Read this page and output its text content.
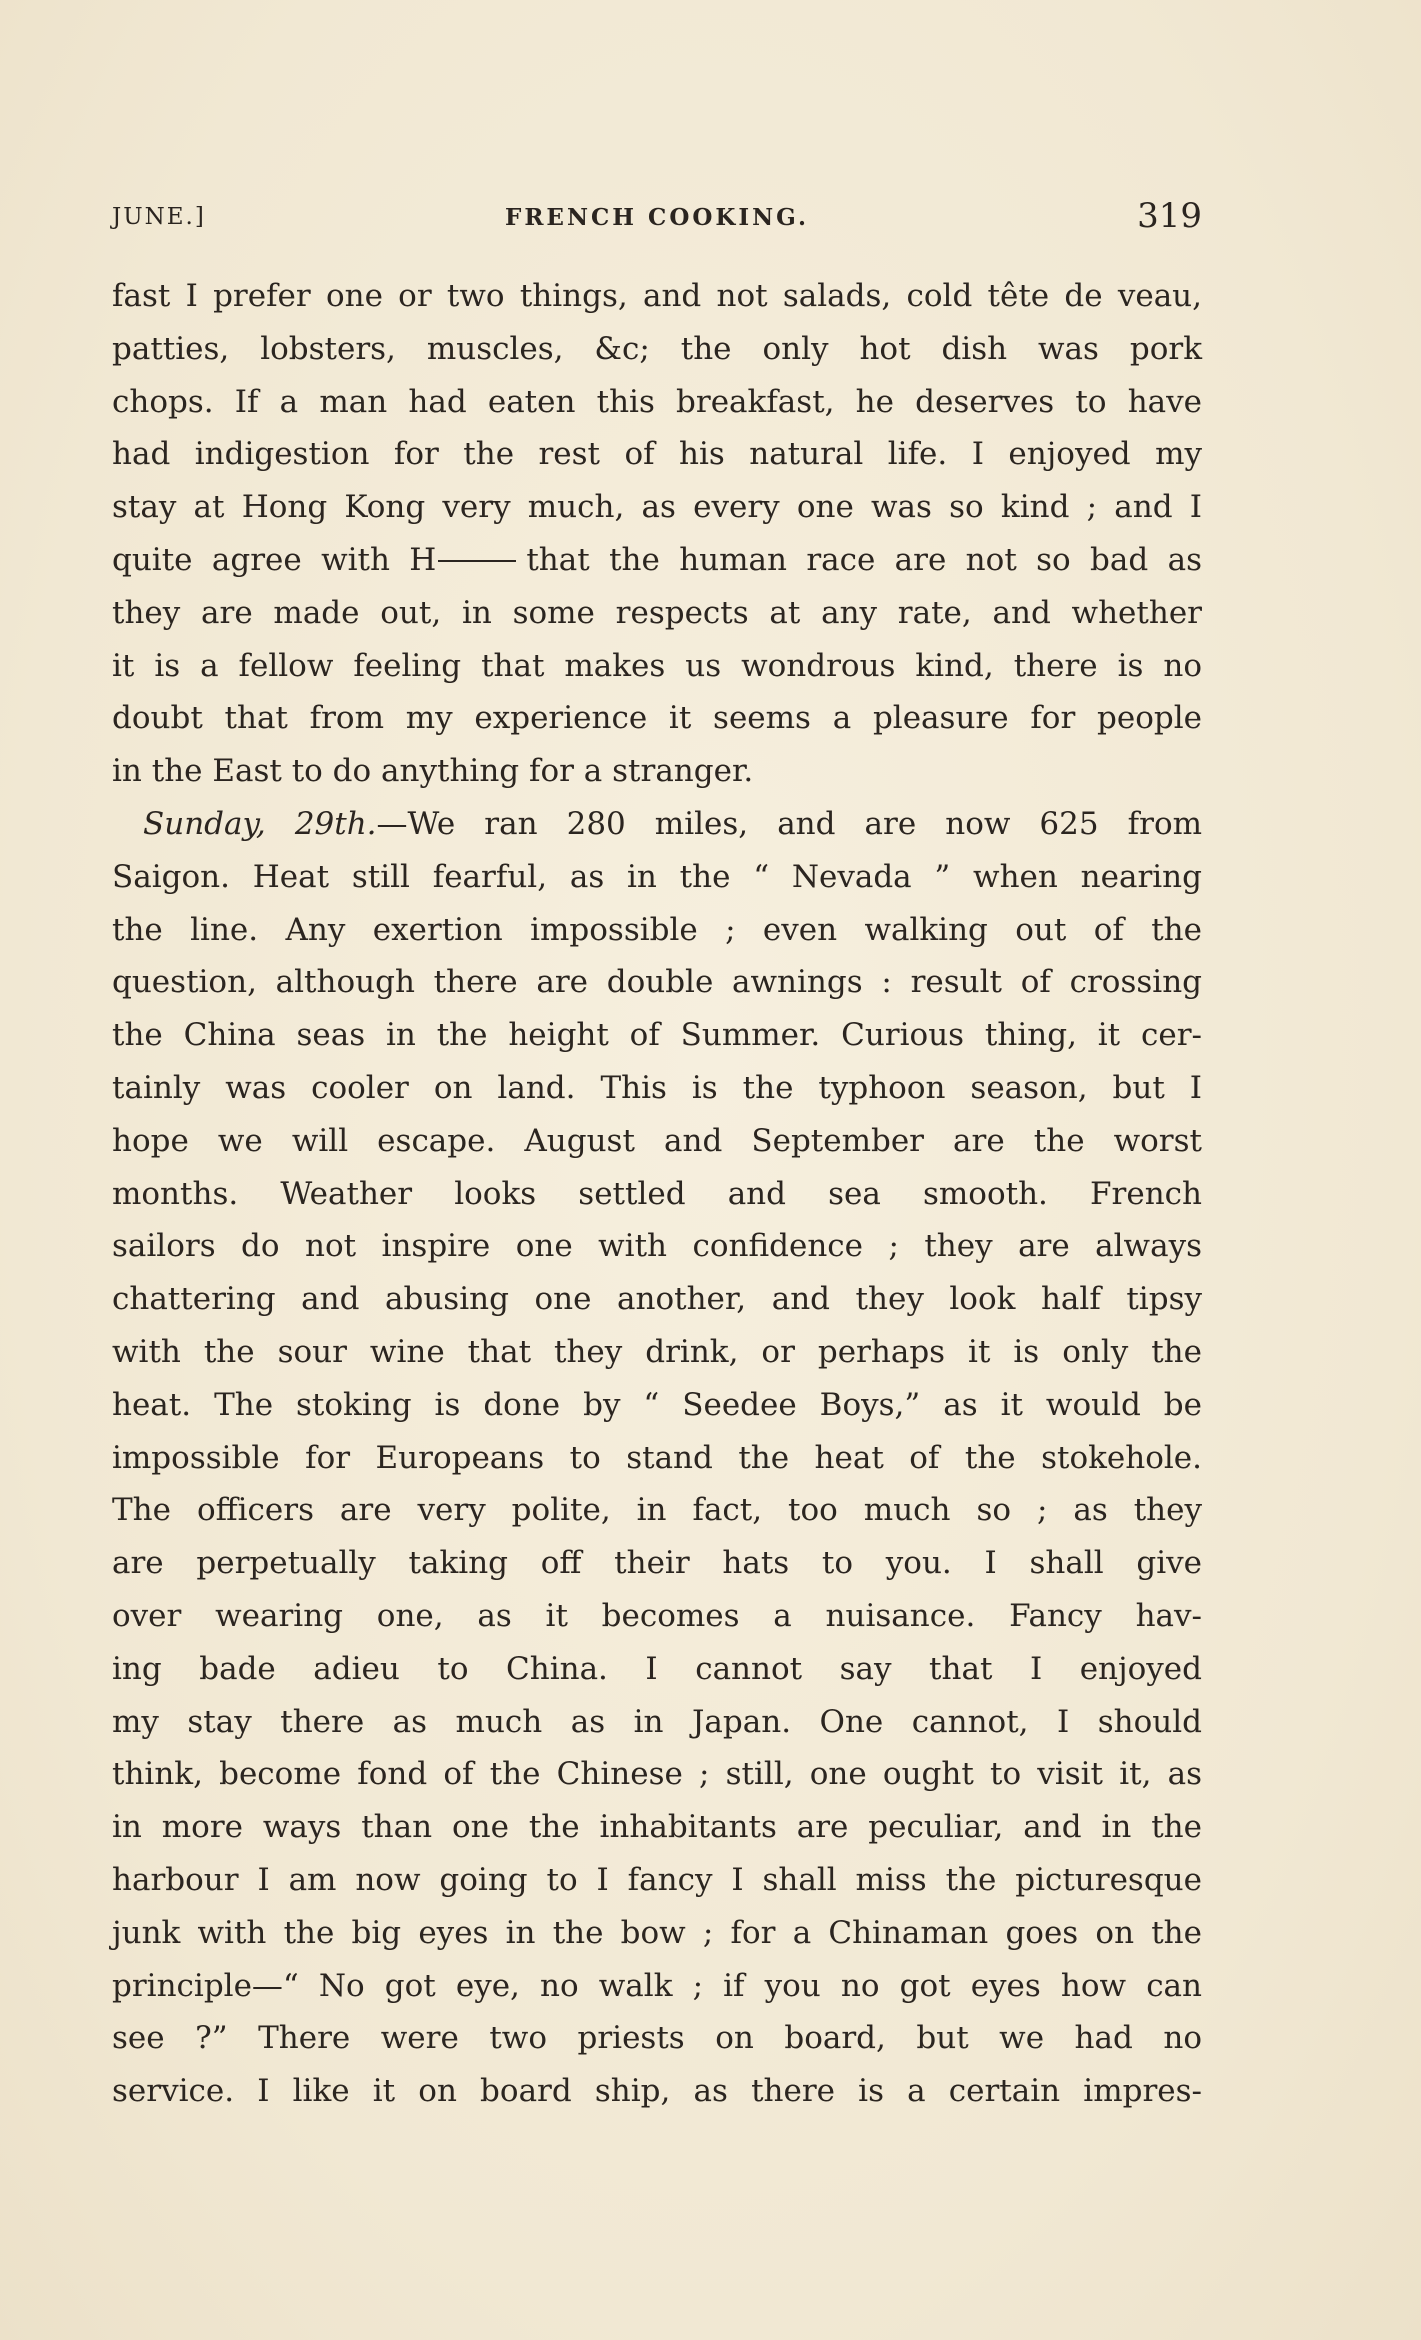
JUNE.]	FRENCH COOKING.	319
fast I prefer one or two things, and not salads, cold tête de veau,
patties, lobsters, muscles, &c; the only hot dish was pork
chops. If a man had eaten this breakfast, he deserves to have
had indigestion for the rest of his natural life. I enjoyed my
stay at Hong Kong very much, as every one was so kind ; and I
quite agree with H	that the human race are not so bad as
they are made out, in some respects at any rate, and whether
it is a fellow feeling that makes us wondrous kind, there is no
doubt that from my experience it seems a pleasure for people
in the East to do anything for a stranger.
 Sunday, 29th.—We ran 280 miles, and are now 625 from
Saigon. Heat still fearful, as in the “ Nevada ” when nearing
the line. Any exertion impossible ; even walking out of the
question, although there are double awnings : result of crossing
the China seas in the height of Summer. Curious thing, it cer-
tainly was cooler on land. This is the typhoon season, but I
hope we will escape. August and September are the worst
months. Weather looks settled and sea smooth. French
sailors do not inspire one with confidence ; they are always
chattering and abusing one another, and they look half tipsy
with the sour wine that they drink, or perhaps it is only the
heat. The stoking is done by “ Seedee Boys,” as it would be
impossible for Europeans to stand the heat of the stokehole.
The officers are very polite, in fact, too much so ; as they
are perpetually taking off their hats to you. I shall give
over wearing one, as it becomes a nuisance. Fancy hav-
ing bade adieu to China. I cannot say that I enjoyed
my stay there as much as in Japan. One cannot, I should
think, become fond of the Chinese ; still, one ought to visit it, as
in more ways than one the inhabitants are peculiar, and in the
harbour I am now going to I fancy I shall miss the picturesque
junk with the big eyes in the bow ; for a Chinaman goes on the
principle—“ No got eye, no walk ; if you no got eyes how can
see ?” There were two priests on board, but we had no
service. I like it on board ship, as there is a certain impres-
